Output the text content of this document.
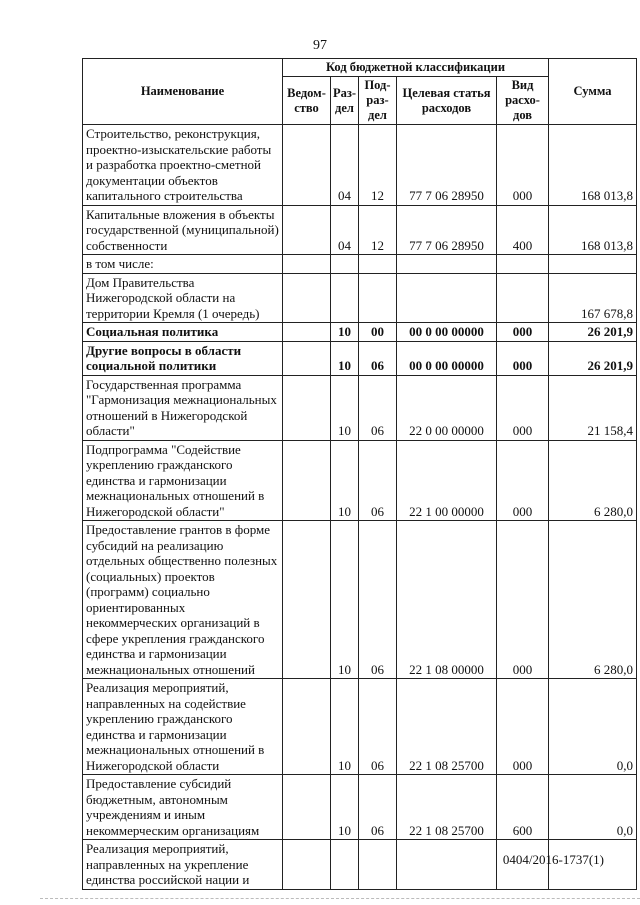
97
Наименование	Код бюджетной классификации					Сумма
	Ведом-ство	Раз-дел	Под-раз-дел	Целевая статья расходов	Вид расхо-дов	
Строительство, реконструкция, проектно-изыскательские работы и разработка проектно-сметной документации объектов капитального строительства		04	12	77 7 06 28950	000	168 013,8
Капитальные вложения в объекты государственной (муниципальной) собственности		04	12	77 7 06 28950	400	168 013,8
в том числе:						
Дом Правительства Нижегородской области на территории Кремля (1 очередь)						167 678,8
Социальная политика		10	00	00 0 00 00000	000	26 201,9
Другие вопросы в области социальной политики		10	06	00 0 00 00000	000	26 201,9
Государственная программа "Гармонизация межнациональных отношений в Нижегородской области"		10	06	22 0 00 00000	000	21 158,4
Подпрограмма "Содействие укреплению гражданского единства и гармонизации межнациональных отношений в Нижегородской области"		10	06	22 1 00 00000	000	6 280,0
Предоставление грантов в форме субсидий на реализацию отдельных общественно полезных (социальных) проектов (программ) социально ориентированных некоммерческих организаций в сфере укрепления гражданского единства и гармонизации межнациональных отношений		10	06	22 1 08 00000	000	6 280,0
Реализация мероприятий, направленных на содействие укреплению гражданского единства и гармонизации межнациональных отношений в Нижегородской области		10	06	22 1 08 25700	000	0,0
Предоставление субсидий бюджетным, автономным учреждениям и иным некоммерческим организациям		10	06	22 1 08 25700	600	0,0
Реализация мероприятий, направленных на укрепление единства российской нации и						
0404/2016-1737(1)
